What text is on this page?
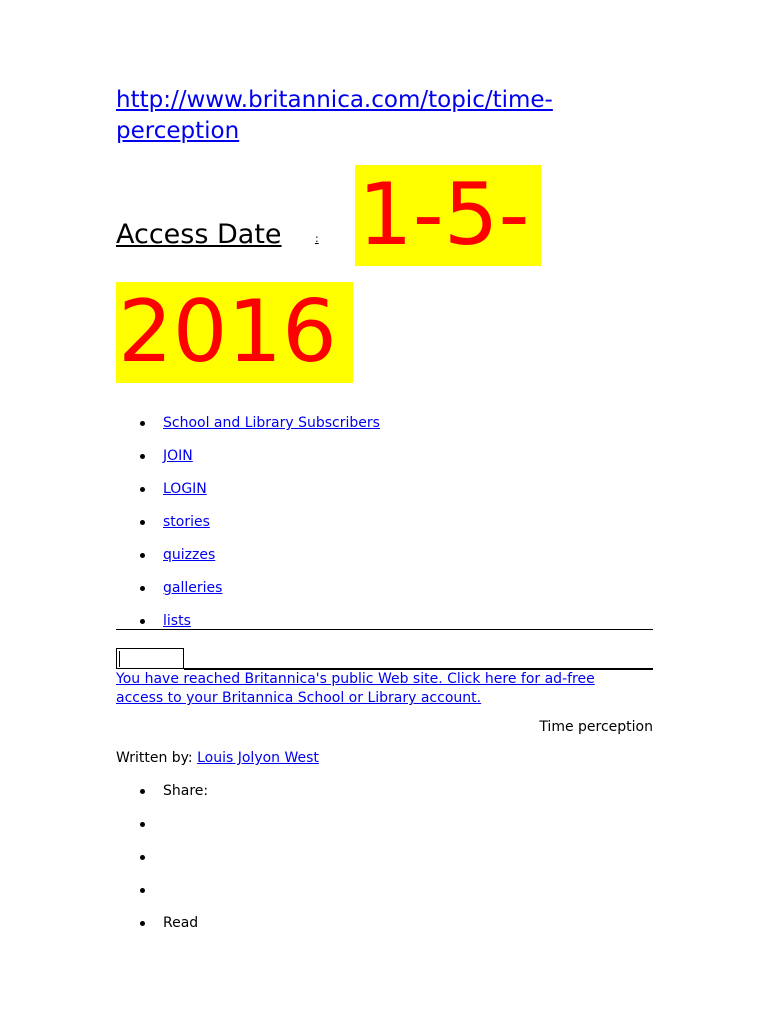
http://www.britannica.com/topic/time-perception
Access Date	: 1-5-
2016
School and Library Subscribers
JOIN
LOGIN
stories
quizzes
galleries
lists
You have reached Britannica's public Web site. Click here for ad-free access to your Britannica School or Library account.
Time perception
Written by: Louis Jolyon West
Share:
Read
